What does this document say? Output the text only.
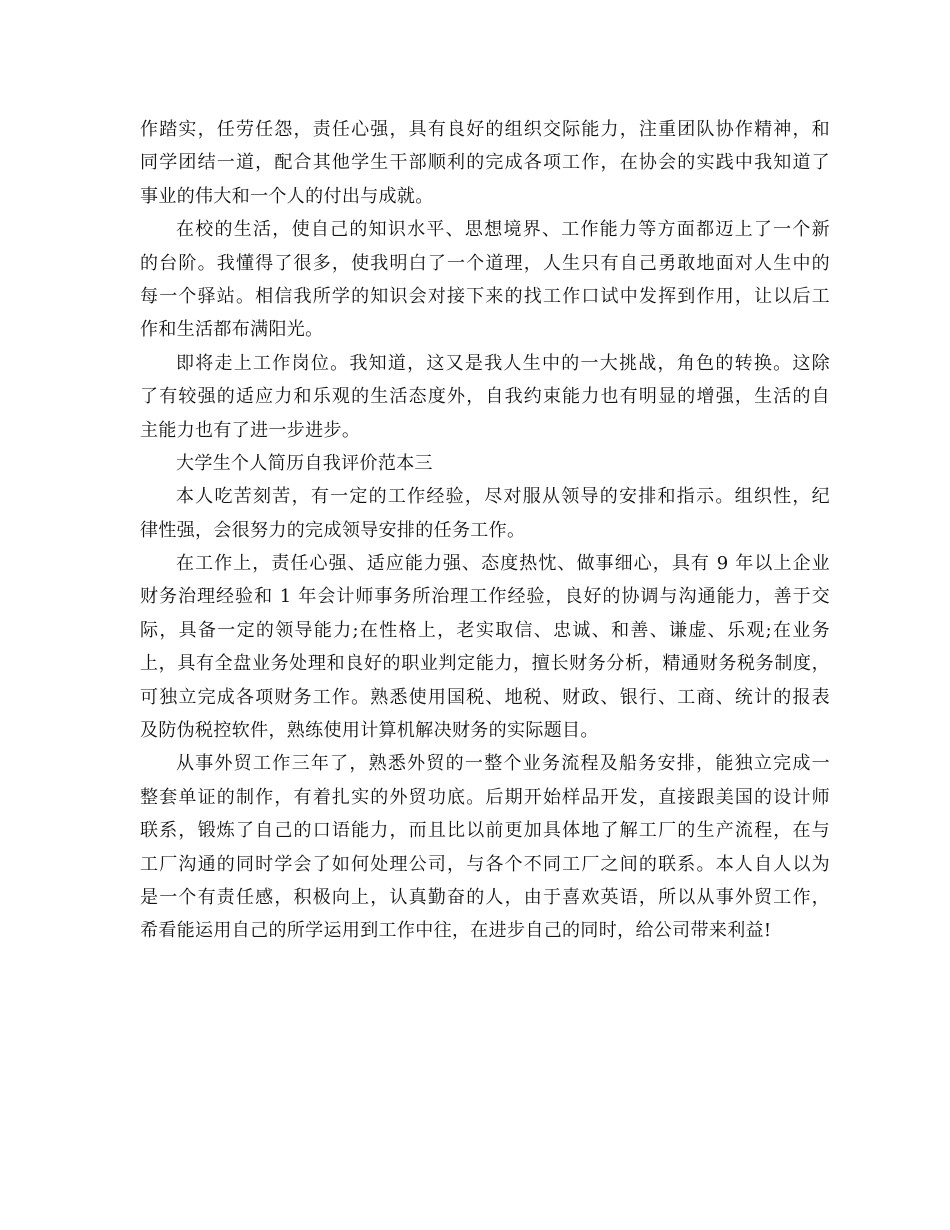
作踏实，任劳任怨，责任心强，具有良好的组织交际能力，注重团队协作精神，和
同学团结一道，配合其他学生干部顺利的完成各项工作，在协会的实践中我知道了
事业的伟大和一个人的付出与成就。
在校的生活，使自己的知识水平、思想境界、工作能力等方面都迈上了一个新
的台阶。我懂得了很多，使我明白了一个道理，人生只有自己勇敢地面对人生中的
每一个驿站。相信我所学的知识会对接下来的找工作口试中发挥到作用，让以后工
作和生活都布满阳光。
即将走上工作岗位。我知道，这又是我人生中的一大挑战，角色的转换。这除
了有较强的适应力和乐观的生活态度外，自我约束能力也有明显的增强，生活的自
主能力也有了进一步进步。
大学生个人简历自我评价范本三
本人吃苦刻苦，有一定的工作经验，尽对服从领导的安排和指示。组织性，纪
律性强，会很努力的完成领导安排的任务工作。
在工作上，责任心强、适应能力强、态度热忱、做事细心，具有 9 年以上企业
财务治理经验和 1 年会计师事务所治理工作经验，良好的协调与沟通能力，善于交
际，具备一定的领导能力;在性格上，老实取信、忠诚、和善、谦虚、乐观;在业务
上，具有全盘业务处理和良好的职业判定能力，擅长财务分析，精通财务税务制度，
可独立完成各项财务工作。熟悉使用国税、地税、财政、银行、工商、统计的报表
及防伪税控软件，熟练使用计算机解决财务的实际题目。
从事外贸工作三年了，熟悉外贸的一整个业务流程及船务安排，能独立完成一
整套单证的制作，有着扎实的外贸功底。后期开始样品开发，直接跟美国的设计师
联系，锻炼了自己的口语能力，而且比以前更加具体地了解工厂的生产流程，在与
工厂沟通的同时学会了如何处理公司，与各个不同工厂之间的联系。本人自人以为
是一个有责任感，积极向上，认真勤奋的人，由于喜欢英语，所以从事外贸工作，
希看能运用自己的所学运用到工作中往，在进步自己的同时，给公司带来利益!
